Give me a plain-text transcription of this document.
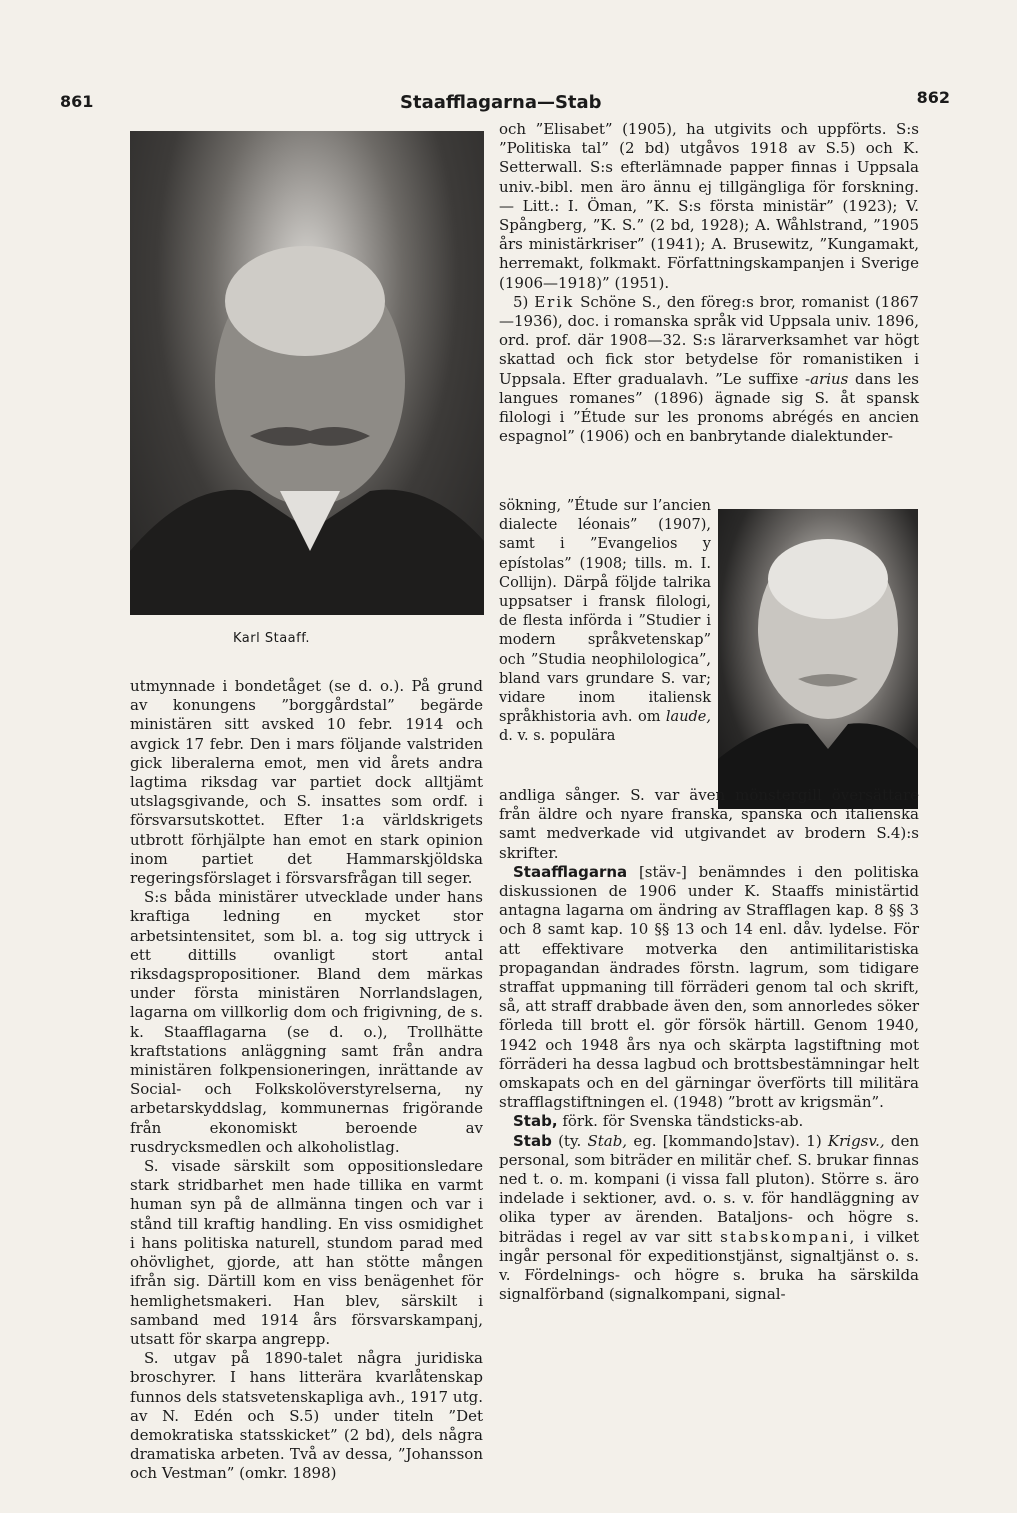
861	Staafflagarna—Stab	862
Karl Staaff.

utmynnade i bondetåget (se d. o.). På grund av konungens ”borggårdstal” begärde ministären sitt avsked 10 febr. 1914 och avgick 17 febr. Den i mars följande valstriden gick liberalerna emot, men vid årets andra lagtima riksdag var partiet dock alltjämt utslagsgivande, och S. insattes som ordf. i försvarsutskottet. Efter 1:a världskrigets utbrott förhjälpte han emot en stark opinion inom partiet det Hammarskjöldska regeringsförslaget i försvarsfrågan till seger.

S:s båda ministärer utvecklade under hans kraftiga ledning en mycket stor arbetsintensitet, som bl. a. tog sig uttryck i ett dittills ovanligt stort antal riksdagspropositioner. Bland dem märkas under första ministären Norrlandslagen, lagarna om villkorlig dom och frigivning, de s. k. Staafflagarna (se d. o.), Trollhätte kraftstations anläggning samt från andra ministären folkpensioneringen, inrättande av Social- och Folkskolöverstyrelserna, ny arbetarskyddslag, kommunernas frigörande från ekonomiskt beroende av rusdrycksmedlen och alkoholistlag.

S. visade särskilt som oppositionsledare stark stridbarhet men hade tillika en varmt human syn på de allmänna tingen och var i stånd till kraftig handling. En viss osmidighet i hans politiska naturell, stundom parad med ohövlighet, gjorde, att han stötte mången ifrån sig. Därtill kom en viss benägenhet för hemlighetsmakeri. Han blev, särskilt i samband med 1914 års försvarskampanj, utsatt för skarpa angrepp.

S. utgav på 1890-talet några juridiska broschyrer. I hans litterära kvarlåtenskap funnos dels statsvetenskapliga avh., 1917 utg. av N. Edén och S.5) under titeln ”Det demokratiska statsskicket” (2 bd), dels några dramatiska arbeten. Två av dessa, ”Johansson och Vestman” (omkr. 1898)

och ”Elisabet” (1905), ha utgivits och uppförts. S:s ”Politiska tal” (2 bd) utgåvos 1918 av S.5) och K. Setterwall. S:s efterlämnade papper finnas i Uppsala univ.-bibl. men äro ännu ej tillgängliga för forskning. — Litt.: I. Öman, ”K. S:s första ministär” (1923); V. Spångberg, ”K. S.” (2 bd, 1928); A. Wåhlstrand, ”1905 års ministärkriser” (1941); A. Brusewitz, ”Kungamakt, herremakt, folkmakt. Författningskampanjen i Sverige (1906—1918)” (1951).

5) Erik Schöne S., den föreg:s bror, romanist (1867—1936), doc. i romanska språk vid Uppsala univ. 1896, ord. prof. där 1908—32. S:s lärarverksamhet var högt skattad och fick stor betydelse för romanistiken i Uppsala. Efter gradualavh. ”Le suffixe -arius dans les langues romanes” (1896) ägnade sig S. åt spansk filologi i ”Étude sur les pronoms abrégés en ancien espagnol” (1906) och en banbrytande dialektunder-

sökning, ”Étude sur l’ancien dialecte léonais” (1907), samt i ”Evangelios y epístolas” (1908; tills. m. I. Collijn). Därpå följde talrika uppsatser i fransk filologi, de flesta införda i ”Studier i modern språkvetenskap” och ”Studia neophilologica”, bland vars grundare S. var; vidare inom italiensk språkhistoria avh. om laude, d. v. s. populära

andliga sånger. S. var även mönstergill översättare från äldre och nyare franska, spanska och italienska samt medverkade vid utgivandet av brodern S.4):s skrifter.

Staafflagarna [stäv-] benämndes i den politiska diskussionen de 1906 under K. Staaffs ministärtid antagna lagarna om ändring av Strafflagen kap. 8 §§ 3 och 8 samt kap. 10 §§ 13 och 14 enl. dåv. lydelse. För att effektivare motverka den antimilitaristiska propagandan ändrades förstn. lagrum, som tidigare straffat uppmaning till förräderi genom tal och skrift, så, att straff drabbade även den, som annorledes söker förleda till brott el. gör försök härtill. Genom 1940, 1942 och 1948 års nya och skärpta lagstiftning mot förräderi ha dessa lagbud och brottsbestämningar helt omskapats och en del gärningar överförts till militära strafflagstiftningen el. (1948) ”brott av krigsmän”.

Stab, förk. för Svenska tändsticks-ab.

Stab (ty. Stab, eg. [kommando]stav). 1) Krigsv., den personal, som biträder en militär chef. S. brukar finnas ned t. o. m. kompani (i vissa fall pluton). Större s. äro indelade i sektioner, avd. o. s. v. för handläggning av olika typer av ärenden. Bataljons- och högre s. biträdas i regel av var sitt stabskompani, i vilket ingår personal för expeditionstjänst, signaltjänst o. s. v. Fördelnings- och högre s. bruka ha särskilda signalförband (signalkompani, signal-
